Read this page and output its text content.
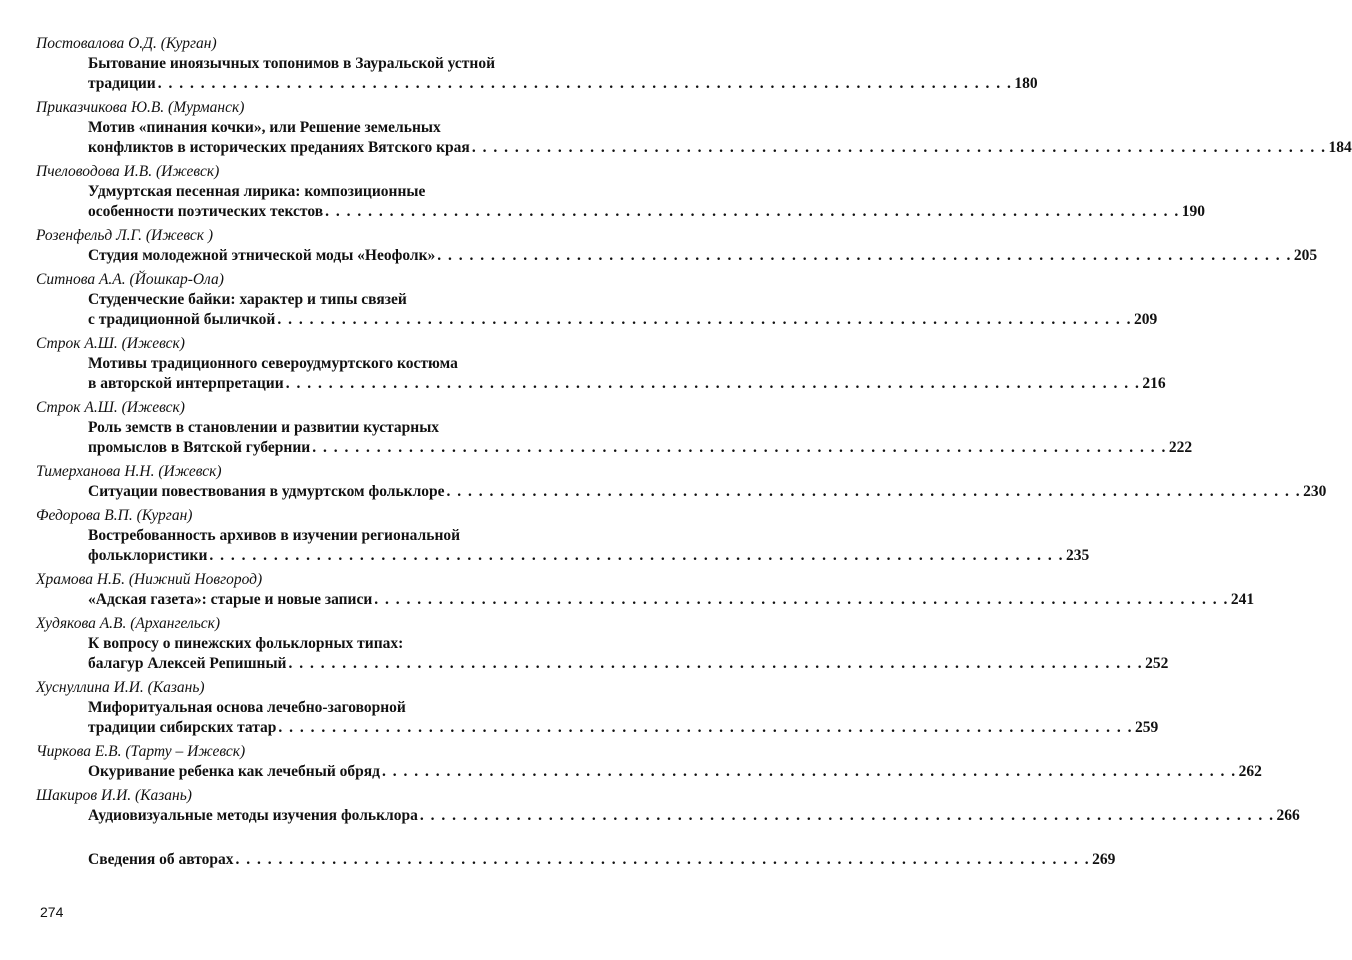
Постовалова О.Д. (Курган)
Бытование иноязычных топонимов в Зауральской устной
традиции . . . . . . . . . . . . . . . . . . . . . . . . . . . . . . . . . . . . . . . . . . . . . . . . . . . . . . . . . . . . . . . . . . . . . . . . . . . . . . . . 180
Приказчикова Ю.В. (Мурманск)
Мотив «пинания кочки», или Решение земельных
конфликтов в исторических преданиях Вятского края . . . . . . . . . . . . . . . . . . . . . . . . . . . . . . . . . . . . . . . . . . . . . . . . . . . . . . . . . . . . . . . . . . . . . . . . . . . . . . . . 184
Пчеловодова И.В. (Ижевск)
Удмуртская песенная лирика: композиционные
особенности поэтических текстов . . . . . . . . . . . . . . . . . . . . . . . . . . . . . . . . . . . . . . . . . . . . . . . . . . . . . . . . . . . . . . . . . . . . . . . . . . . . . . . . 190
Розенфельд Л.Г. (Ижевск )
Студия молодежной этнической моды «Неофолк» . . . . . . . . . . . . . . . . . . . . . . . . . . . . . . . . . . . . . . . . . . . . . . . . . . . . . . . . . . . . . . . . . . . . . . . . . . . . . . . . 205
Ситнова А.А. (Йошкар-Ола)
Студенческие байки: характер и типы связей
с традиционной быличкой . . . . . . . . . . . . . . . . . . . . . . . . . . . . . . . . . . . . . . . . . . . . . . . . . . . . . . . . . . . . . . . . . . . . . . . . . . . . . . . . 209
Строк А.Ш. (Ижевск)
Мотивы традиционного североудмуртского костюма
в авторской интерпретации . . . . . . . . . . . . . . . . . . . . . . . . . . . . . . . . . . . . . . . . . . . . . . . . . . . . . . . . . . . . . . . . . . . . . . . . . . . . . . . . 216
Строк А.Ш. (Ижевск)
Роль земств в становлении и развитии кустарных
промыслов в Вятской губернии . . . . . . . . . . . . . . . . . . . . . . . . . . . . . . . . . . . . . . . . . . . . . . . . . . . . . . . . . . . . . . . . . . . . . . . . . . . . . . . . 222
Тимерханова Н.Н. (Ижевск)
Ситуации повествования в удмуртском фольклоре . . . . . . . . . . . . . . . . . . . . . . . . . . . . . . . . . . . . . . . . . . . . . . . . . . . . . . . . . . . . . . . . . . . . . . . . . . . . . . . . 230
Федорова В.П. (Курган)
Востребованность архивов в изучении региональной
фольклористики . . . . . . . . . . . . . . . . . . . . . . . . . . . . . . . . . . . . . . . . . . . . . . . . . . . . . . . . . . . . . . . . . . . . . . . . . . . . . . . . 235
Храмова Н.Б. (Нижний Новгород)
«Адская газета»: старые и новые записи . . . . . . . . . . . . . . . . . . . . . . . . . . . . . . . . . . . . . . . . . . . . . . . . . . . . . . . . . . . . . . . . . . . . . . . . . . . . . . . . 241
Худякова А.В. (Архангельск)
К вопросу о пинежских фольклорных типах:
балагур Алексей Репишный . . . . . . . . . . . . . . . . . . . . . . . . . . . . . . . . . . . . . . . . . . . . . . . . . . . . . . . . . . . . . . . . . . . . . . . . . . . . . . . . 252
Хуснуллина И.И. (Казань)
Мифоритуальная основа лечебно-заговорной
традиции сибирских татар . . . . . . . . . . . . . . . . . . . . . . . . . . . . . . . . . . . . . . . . . . . . . . . . . . . . . . . . . . . . . . . . . . . . . . . . . . . . . . . . 259
Чиркова Е.В. (Тарту – Ижевск)
Окуривание ребенка как лечебный обряд . . . . . . . . . . . . . . . . . . . . . . . . . . . . . . . . . . . . . . . . . . . . . . . . . . . . . . . . . . . . . . . . . . . . . . . . . . . . . . . . 262
Шакиров И.И. (Казань)
Аудиовизуальные методы изучения фольклора . . . . . . . . . . . . . . . . . . . . . . . . . . . . . . . . . . . . . . . . . . . . . . . . . . . . . . . . . . . . . . . . . . . . . . . . . . . . . . . . 266
Сведения об авторах . . . . . . . . . . . . . . . . . . . . . . . . . . . . . . . . . . . . . . . . . . . . . . . . . . . . . . . . . . . . . . . . . . . . . . . . . . . . . . . . 269
274
